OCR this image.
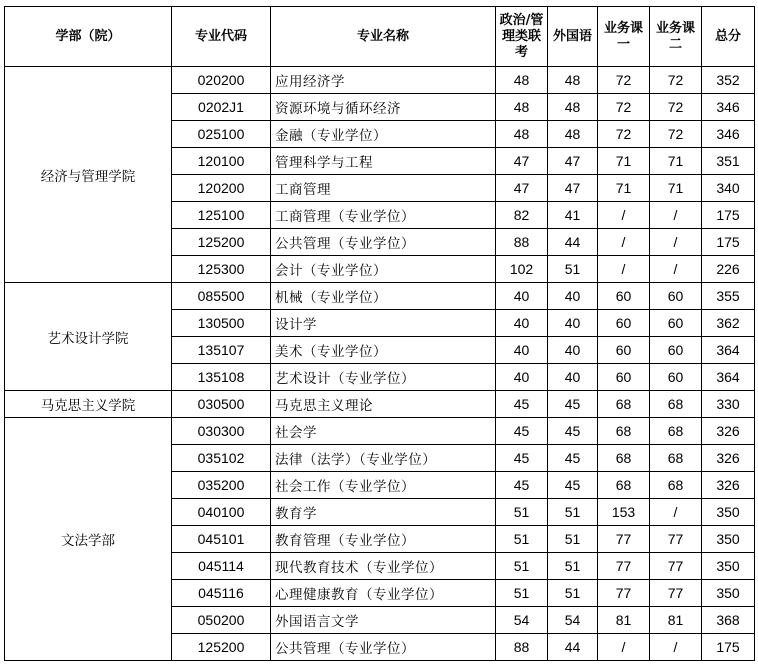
学部（院）	专业代码	专业名称	政治/管理类联考	外国语	业务课一	业务课二	总分
经济与管理学院	020200	应用经济学	48	48	72	72	352
	0202J1	资源环境与循环经济	48	48	72	72	346
	025100	金融（专业学位）	48	48	72	72	346
	120100	管理科学与工程	47	47	71	71	351
	120200	工商管理	47	47	71	71	340
	125100	工商管理（专业学位）	82	41	/	/	175
	125200	公共管理（专业学位）	88	44	/	/	175
	125300	会计（专业学位）	102	51	/	/	226
艺术设计学院	085500	机械（专业学位）	40	40	60	60	355
	130500	设计学	40	40	60	60	362
	135107	美术（专业学位）	40	40	60	60	364
	135108	艺术设计（专业学位）	40	40	60	60	364
马克思主义学院	030500	马克思主义理论	45	45	68	68	330
文法学部	030300	社会学	45	45	68	68	326
	035102	法律（法学）（专业学位）	45	45	68	68	326
	035200	社会工作（专业学位）	45	45	68	68	326
	040100	教育学	51	51	153	/	350
	045101	教育管理（专业学位）	51	51	77	77	350
	045114	现代教育技术（专业学位）	51	51	77	77	350
	045116	心理健康教育（专业学位）	51	51	77	77	350
	050200	外国语言文学	54	54	81	81	368
	125200	公共管理（专业学位）	88	44	/	/	175
